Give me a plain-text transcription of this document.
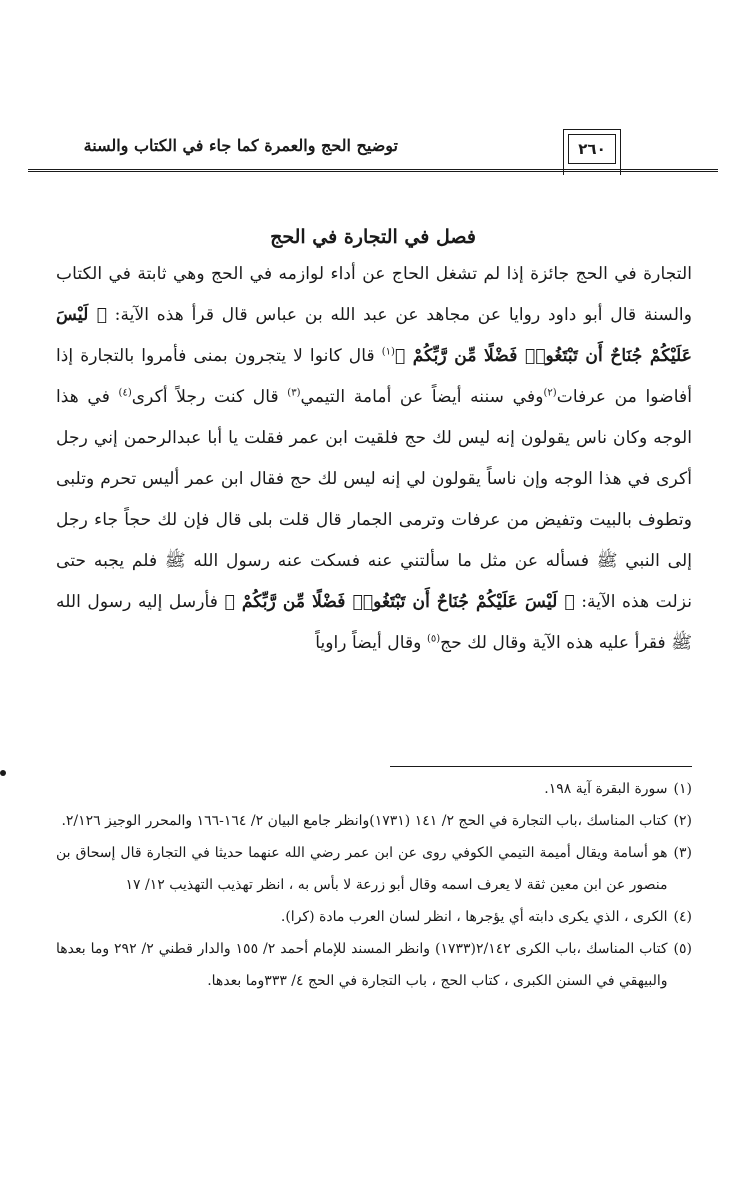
توضيح الحج والعمرة كما جاء في الكتاب والسنة	٢٦٠
فصل في التجارة في الحج

التجارة في الحج جائزة إذا لم تشغل الحاج عن أداء لوازمه في الحج وهي ثابتة في الكتاب والسنة قال أبو داود روايا عن مجاهد عن عبد الله بن عباس قال قرأ هذه الآية: ﴿ لَيْسَ عَلَيْكُمْ جُنَاحٌ أَن تَبْتَغُوا۟ فَضْلًا مِّن رَّبِّكُمْ ﴾$^{(١)}$ قال كانوا لا يتجرون بمنى فأمروا بالتجارة إذا أفاضوا من عرفات$^{(٢)}$وفي سننه أيضاً عن أمامة التيمي$^{(٣)}$ قال كنت رجلاً أكرى$^{(٤)}$ في هذا الوجه وكان ناس يقولون إنه ليس لك حج فلقيت ابن عمر فقلت يا أبا عبدالرحمن إني رجل أكرى في هذا الوجه وإن ناساً يقولون لي إنه ليس لك حج فقال ابن عمر أليس تحرم وتلبى وتطوف بالبيت وتفيض من عرفات وترمى الجمار قال قلت بلى قال فإن لك حجاً جاء رجل إلى النبي ﷺ فسأله عن مثل ما سألتني عنه فسكت عنه رسول الله ﷺ فلم يجبه حتى نزلت هذه الآية: ﴿ لَيْسَ عَلَيْكُمْ جُنَاحٌ أَن تَبْتَغُوا۟ فَضْلًا مِّن رَّبِّكُمْ ﴾ فأرسل إليه رسول الله ﷺ فقرأ عليه هذه الآية وقال لك حج$^{(٥)}$ وقال أيضاً راوياً

(١)
سورة البقرة آية ١٩٨.
(٢)
كتاب المناسك ،باب التجارة في الحج ٢/ ١٤١ (١٧٣١)وانظر جامع البيان ٢/ ١٦٤-١٦٦ والمحرر الوجيز ٢/١٢٦.
(٣)
هو أسامة ويقال أميمة التيمي الكوفي روى عن ابن عمر رضي الله عنهما حديثا في التجارة قال إسحاق بن منصور عن ابن معين ثقة لا يعرف اسمه وقال أبو زرعة لا بأس به ، انظر تهذيب التهذيب ١٢/ ١٧
(٤)
الكرى ، الذي يكرى دابته أي يؤجرها ، انظر لسان العرب مادة (كرا).
(٥)
كتاب المناسك ،باب الكرى ٢/١٤٢(١٧٣٣) وانظر المسند للإمام أحمد ٢/ ١٥٥ والدار قطني ٢/ ٢٩٢ وما بعدها والبيهقي في السنن الكبرى ، كتاب الحج ، باب التجارة في الحج ٤/ ٣٣٣وما بعدها.
